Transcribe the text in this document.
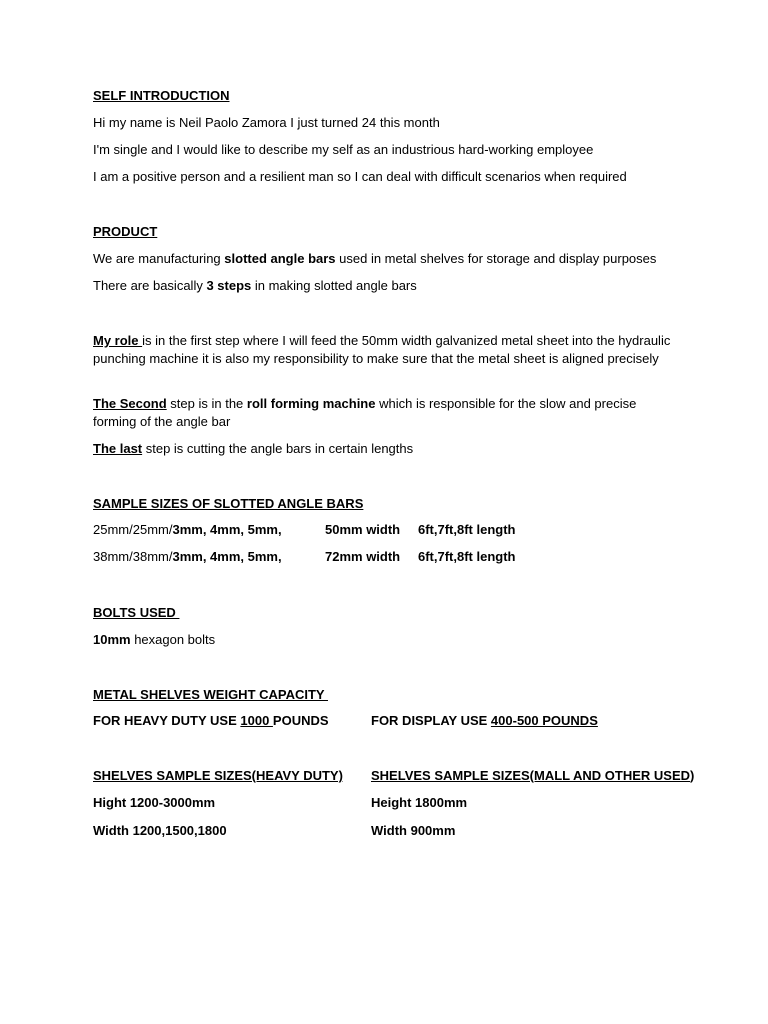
SELF INTRODUCTION

Hi my name is Neil Paolo Zamora I just turned 24 this month

I'm single and I would like to describe my self as an industrious hard-working employee

I am a positive person and a resilient man so I can deal with difficult scenarios when required

PRODUCT

We are manufacturing slotted angle bars used in metal shelves for storage and display purposes

There are basically 3 steps in making slotted angle bars

My role is in the first step where I will feed the 50mm width galvanized metal sheet into the hydraulic punching machine it is also my responsibility to make sure that the metal sheet is aligned precisely

The Second step is in the roll forming machine which is responsible for the slow and precise forming of the angle bar

The last step is cutting the angle bars in certain lengths

SAMPLE SIZES OF SLOTTED ANGLE BARS

25mm/25mm/3mm, 4mm, 5mm,	50mm width 6ft,7ft,8ft length
38mm/38mm/3mm, 4mm, 5mm,	72mm width 6ft,7ft,8ft length

BOLTS USED

10mm hexagon bolts

METAL SHELVES WEIGHT CAPACITY

FOR HEAVY DUTY USE 1000 POUNDS	FOR DISPLAY USE 400-500 POUNDS
SHELVES SAMPLE SIZES(HEAVY DUTY) SHELVES SAMPLE SIZES(MALL AND OTHER USED)
Hight 1200-3000mm	Height 1800mm
Width 1200,1500,1800	Width 900mm
